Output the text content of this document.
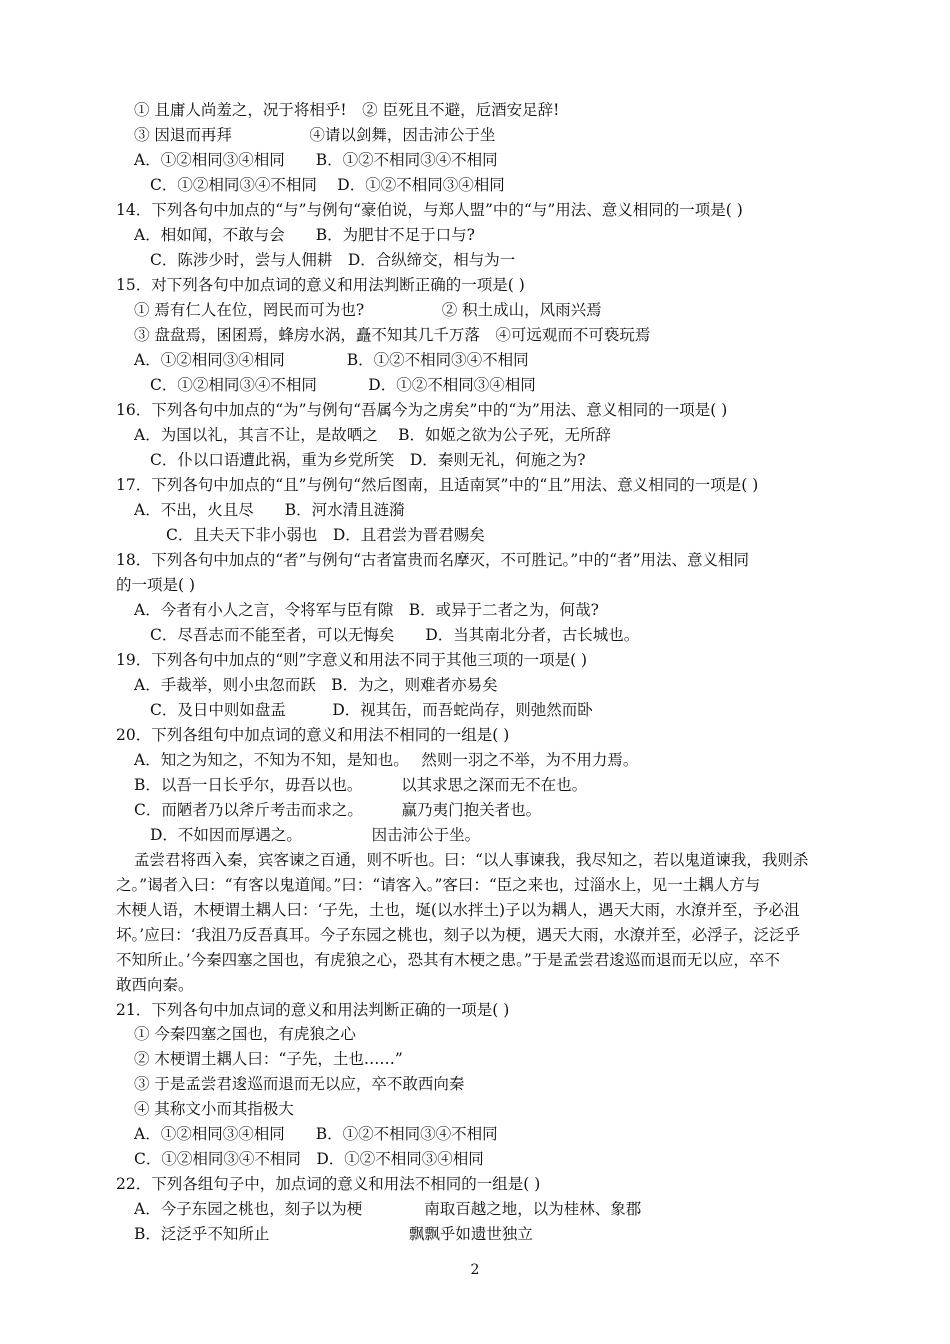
① 且庸人尚羞之，况于将相乎!　② 臣死且不避，卮酒安足辞!
③ 因退而再拜　　　　　④请以剑舞，因击沛公于坐
A．①②相同③④相同　　B．①②不相同③④不相同
C．①②相同③④不相同　 D．①②不相同③④相同
14．下列各句中加点的“与”与例句“豪伯说，与郑人盟”中的“与”用法、意义相同的一项是( )
A．相如闻，不敢与会　　B．为肥甘不足于口与?
C．陈涉少时，尝与人佣耕　D．合纵缔交，相与为一
15．对下列各句中加点词的意义和用法判断正确的一项是( )
① 焉有仁人在位，罔民而可为也?　　　　　② 积土成山，风雨兴焉
③ 盘盘焉，囷囷焉，蜂房水涡，矗不知其几千万落　④可远观而不可亵玩焉
A．①②相同③④相同　　　　B．①②不相同③④不相同
C．①②相同③④不相同　　　 D．①②不相同③④相同
16．下列各句中加点的“为”与例句“吾属今为之虏矣”中的“为”用法、意义相同的一项是( )
A．为国以礼，其言不让，是故哂之　 B．如姬之欲为公子死，无所辞
C．仆以口语遭此祸，重为乡党所笑　D．秦则无礼，何施之为?
17．下列各句中加点的“且”与例句“然后图南，且适南冥”中的“且”用法、意义相同的一项是( )
A．不出，火且尽　　B．河水清且涟漪
C．且夫天下非小弱也　D．且君尝为晋君赐矣
18．下列各句中加点的“者”与例句“古者富贵而名摩灭，不可胜记。”中的“者”用法、意义相同
的一项是( )
A．今者有小人之言，令将军与臣有隙　B．或异于二者之为，何哉?
C．尽吾志而不能至者，可以无悔矣　　D．当其南北分者，古长城也。
19．下列各句中加点的“则”字意义和用法不同于其他三项的一项是( )
A．手裁举，则小虫忽而跃　B．为之，则难者亦易矣
C．及日中则如盘盂　　　D．视其缶，而吾蛇尚存，则弛然而卧
20．下列各组句中加点词的意义和用法不相同的一组是( )
A．知之为知之，不知为不知，是知也。　 然则一羽之不举，为不用力焉。
B．以吾一日长乎尔，毋吾以也。　　　以其求思之深而无不在也。
C．而陋者乃以斧斤考击而求之。　　　赢乃夷门抱关者也。
D．不如因而厚遇之。　　　　　因击沛公于坐。
孟尝君将西入秦，宾客谏之百通，则不听也。曰：“以人事谏我，我尽知之，若以鬼道谏我，我则杀
之。”谒者入曰：“有客以鬼道闻。”曰：“请客入。”客曰：“臣之来也，过淄水上，见一土耦人方与
木梗人语，木梗谓土耦人曰：‘子先，土也，埏(以水拌土)子以为耦人，遇天大雨，水潦并至，予必沮
坏。’应曰：‘我沮乃反吾真耳。今子东园之桃也，刻子以为梗，遇天大雨，水潦并至，必浮子，泛泛乎
不知所止。’今秦四塞之国也，有虎狼之心，恐其有木梗之患。”于是孟尝君逡巡而退而无以应，卒不
敢西向秦。
21．下列各句中加点词的意义和用法判断正确的一项是( )
① 今秦四塞之国也，有虎狼之心
② 木梗谓土耦人曰：“子先，土也……”
③ 于是孟尝君逡巡而退而无以应，卒不敢西向秦
④ 其称文小而其指极大
A．①②相同③④相同　　B．①②不相同③④不相同
C．①②相同③④不相同　D．①②不相同③④相同
22．下列各组句子中，加点词的意义和用法不相同的一组是( )
A．今子东园之桃也，刻子以为梗　　　　南取百越之地，以为桂林、象郡
B．泛泛乎不知所止　　　　　　　　　飘飘乎如遗世独立
2
